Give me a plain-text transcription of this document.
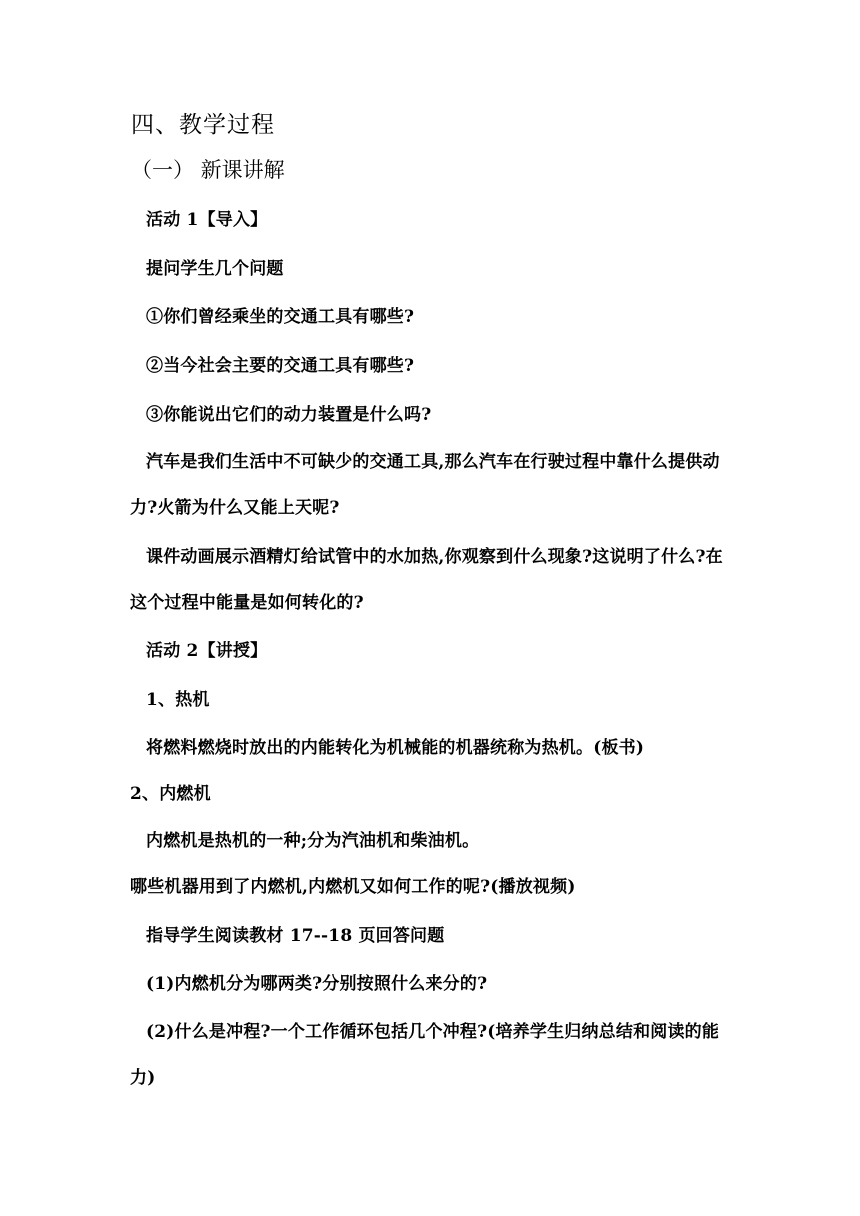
四、教学过程
（一） 新课讲解
活动 1【导入】
提问学生几个问题
①你们曾经乘坐的交通工具有哪些?
②当今社会主要的交通工具有哪些?
③你能说出它们的动力装置是什么吗?
汽车是我们生活中不可缺少的交通工具,那么汽车在行驶过程中靠什么提供动
力?火箭为什么又能上天呢?
课件动画展示酒精灯给试管中的水加热,你观察到什么现象?这说明了什么?在
这个过程中能量是如何转化的?
活动 2【讲授】
1、热机
将燃料燃烧时放出的内能转化为机械能的机器统称为热机。(板书)
2、内燃机
内燃机是热机的一种;分为汽油机和柴油机。
哪些机器用到了内燃机,内燃机又如何工作的呢?(播放视频)
指导学生阅读教材 17--18 页回答问题
(1)内燃机分为哪两类?分别按照什么来分的?
(2)什么是冲程?一个工作循环包括几个冲程?(培养学生归纳总结和阅读的能
力)
